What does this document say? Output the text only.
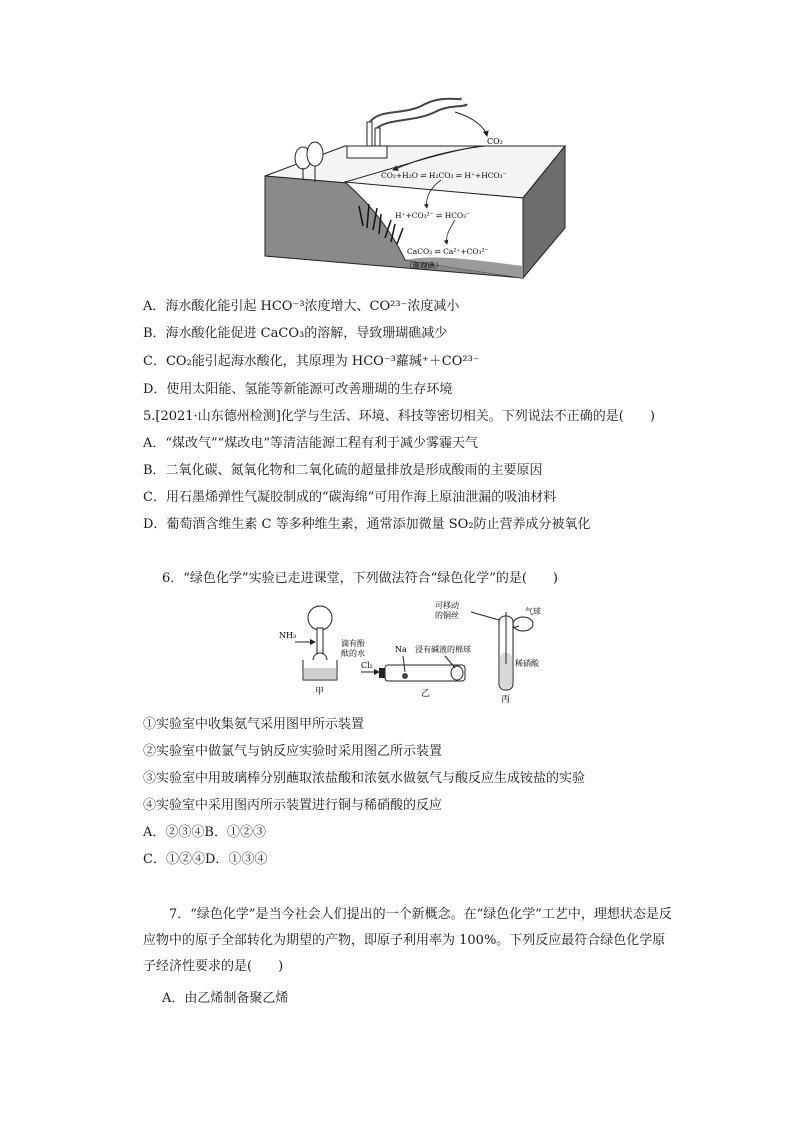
CO₂
CO₂+H₂O ⇌ H₂CO₃ ⇌ H⁺+HCO₃⁻
H⁺+CO₃²⁻ ⇌ HCO₃⁻
CaCO₃ ⇌ Ca²⁺+CO₃²⁻
（珊瑚礁）
A．海水酸化能引起 HCO⁻³浓度增大、CO²³⁻浓度减小
B．海水酸化能促进 CaCO₃的溶解，导致珊瑚礁减少
C．CO₂能引起海水酸化，其原理为 HCO⁻³蘿瑊⁺＋CO²³⁻
D．使用太阳能、氢能等新能源可改善珊瑚的生存环境
5.[2021·山东德州检测]化学与生活、环境、科技等密切相关。下列说法不正确的是(　　)
A．“煤改气”“煤改电”等清洁能源工程有利于减少雾霾天气
B．二氧化碳、氮氧化物和二氧化硫的超量排放是形成酸雨的主要原因
C．用石墨烯弹性气凝胶制成的“碳海绵”可用作海上原油泄漏的吸油材料
D．葡萄酒含维生素 C 等多种维生素，通常添加微量 SO₂防止营养成分被氧化
6．“绿色化学”实验已走进课堂，下列做法符合“绿色化学”的是(　　)
NH₃
滴有酚
酞的水
甲
Na 浸有碱液的棉球
Cl₂
乙
可移动
的铜丝	气球
稀硝酸
丙
①实验室中收集氨气采用图甲所示装置
②实验室中做氯气与钠反应实验时采用图乙所示装置
③实验室中用玻璃棒分别蘸取浓盐酸和浓氨水做氨气与酸反应生成铵盐的实验
④实验室中采用图丙所示装置进行铜与稀硝酸的反应
A．②③④B．①②③
C．①②④D．①③④
7．“绿色化学”是当今社会人们提出的一个新概念。在“绿色化学”工艺中，理想状态是反应物中的原子全部转化为期望的产物，即原子利用率为 100%。下列反应最符合绿色化学原子经济性要求的是(　　)
A．由乙烯制备聚乙烯
